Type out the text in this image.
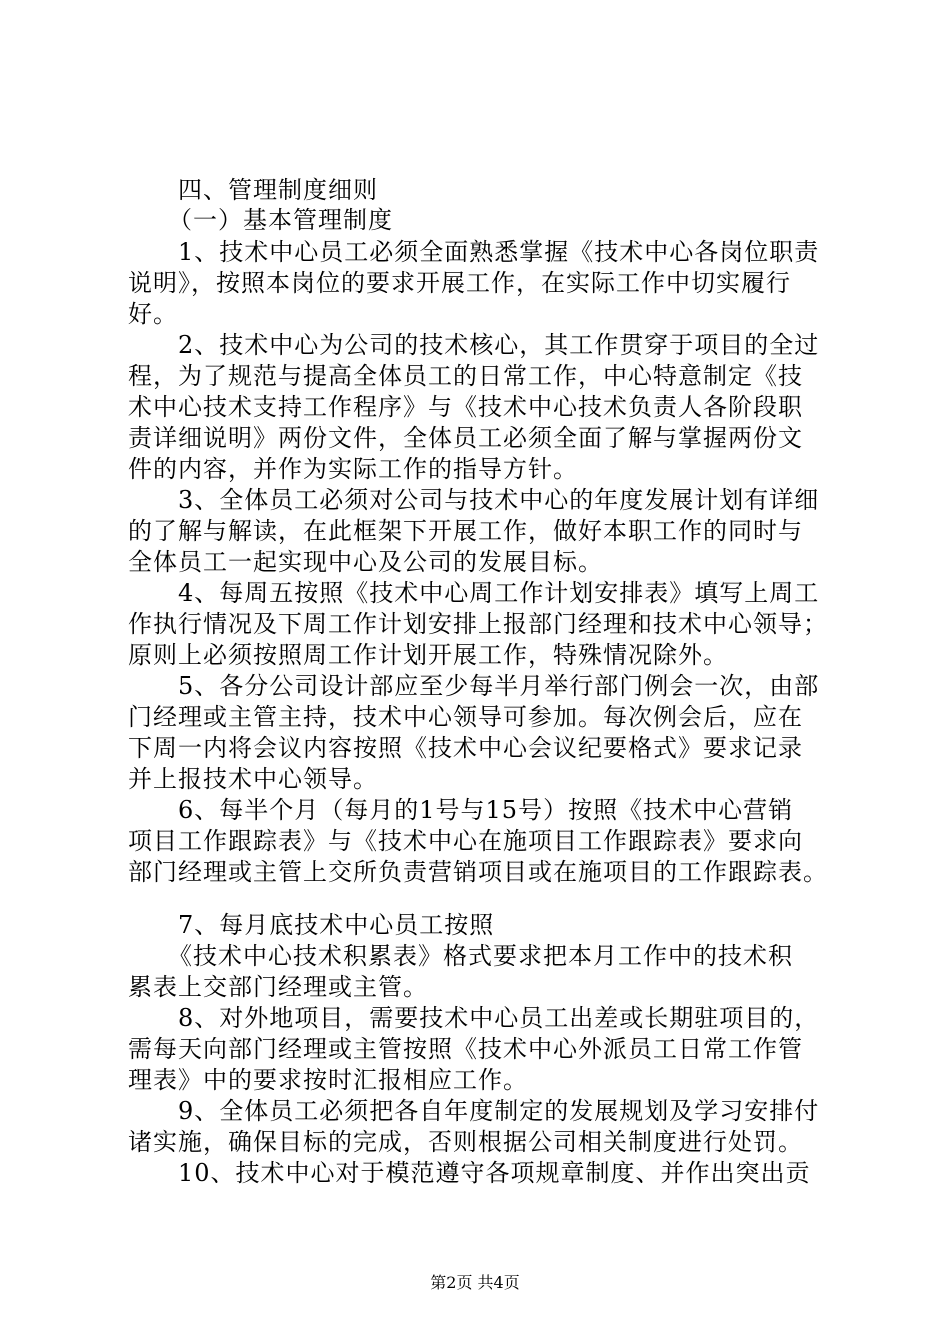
四、管理制度细则
（一）基本管理制度
1、技术中心员工必须全面熟悉掌握《技术中心各岗位职责
说明》，按照本岗位的要求开展工作，在实际工作中切实履行
好。
2、技术中心为公司的技术核心，其工作贯穿于项目的全过
程，为了规范与提高全体员工的日常工作，中心特意制定《技
术中心技术支持工作程序》与《技术中心技术负责人各阶段职
责详细说明》两份文件，全体员工必须全面了解与掌握两份文
件的内容，并作为实际工作的指导方针。
3、全体员工必须对公司与技术中心的年度发展计划有详细
的了解与解读，在此框架下开展工作，做好本职工作的同时与
全体员工一起实现中心及公司的发展目标。
4、每周五按照《技术中心周工作计划安排表》填写上周工
作执行情况及下周工作计划安排上报部门经理和技术中心领导；
原则上必须按照周工作计划开展工作，特殊情况除外。
5、各分公司设计部应至少每半月举行部门例会一次，由部
门经理或主管主持，技术中心领导可参加。每次例会后，应在
下周一内将会议内容按照《技术中心会议纪要格式》要求记录
并上报技术中心领导。
6、每半个月（每月的1号与15号）按照《技术中心营销
项目工作跟踪表》与《技术中心在施项目工作跟踪表》要求向
部门经理或主管上交所负责营销项目或在施项目的工作跟踪表。
7、每月底技术中心员工按照
《技术中心技术积累表》格式要求把本月工作中的技术积
累表上交部门经理或主管。
8、对外地项目，需要技术中心员工出差或长期驻项目的，
需每天向部门经理或主管按照《技术中心外派员工日常工作管
理表》中的要求按时汇报相应工作。
9、全体员工必须把各自年度制定的发展规划及学习安排付
诸实施，确保目标的完成，否则根据公司相关制度进行处罚。
10、技术中心对于模范遵守各项规章制度、并作出突出贡
第2页 共4页
